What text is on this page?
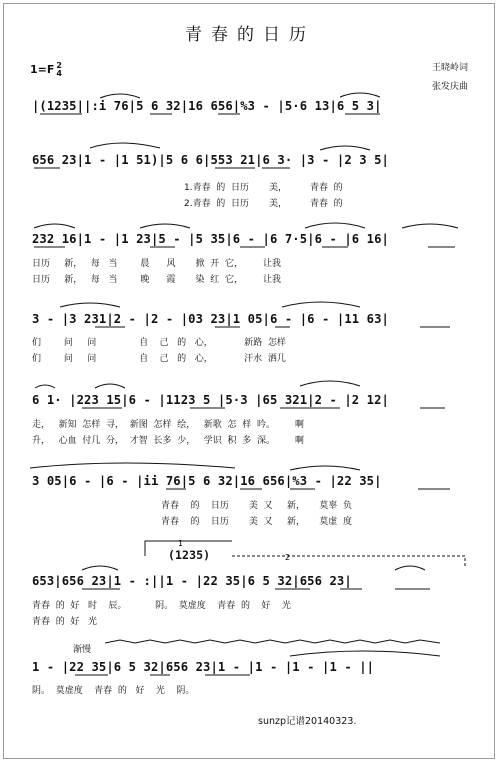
青春的日历
1=F 2
4
王晓岭词
张发庆曲
|(1235||:i 76|5 6 32|16 656|%3 - |5·6 13|6 5 3|
656 23|1 - |1 51)|5 6 6|553 21|6 3· |3 - |2 3 5|
1.青春  的  日历       美，        青春  的
2.青春  的  日历       美，        青春  的
232 16|1 - |1 23|5 - |5 35|6 - |6 7·5|6 - |6 16|
日历     新，   每   当        晨      风       掀  开  它，       让我
日历     新，   每   当        晚      霞       染  红  它，       让我
3 - |3 231|2 - |2 - |03 23|1 05|6 - |6 - |11 63|
们        问     问               自    己   的   心，           新路  怎样
们        问     问               自    己   的   心，           汗水  洒几
6 1· |223 15|6 - |1123 5 |5·3 |65 321|2 - |2 12|
走，   新知  怎样  寻，  新图  怎样  绘，   新歌  怎  样  吟。       啊
升，   心血  付几  分，  才智  长多  少，   学识  积  多  深。       啊
3 05|6 - |6 - |ii 76|5 6 32|16 656|%3 - |22 35|
青春    的    日历       美  又     新，     莫辜  负
青春    的    日历       美  又     新，     莫虚  度
(1235)
653|656 23|1 - :||1 - |22 35|6 5 32|656 23|
青春  的  好   时    辰。          阴。  莫虚度    青春  的    好    光
青春  的  好   光
渐慢
1 - |22 35|6 5 32|656 23|1 - |1 - |1 - |1 - ||
阴。  莫虚度    青春  的   好    光    阴。
sunzp记谱20140323.
1
2
